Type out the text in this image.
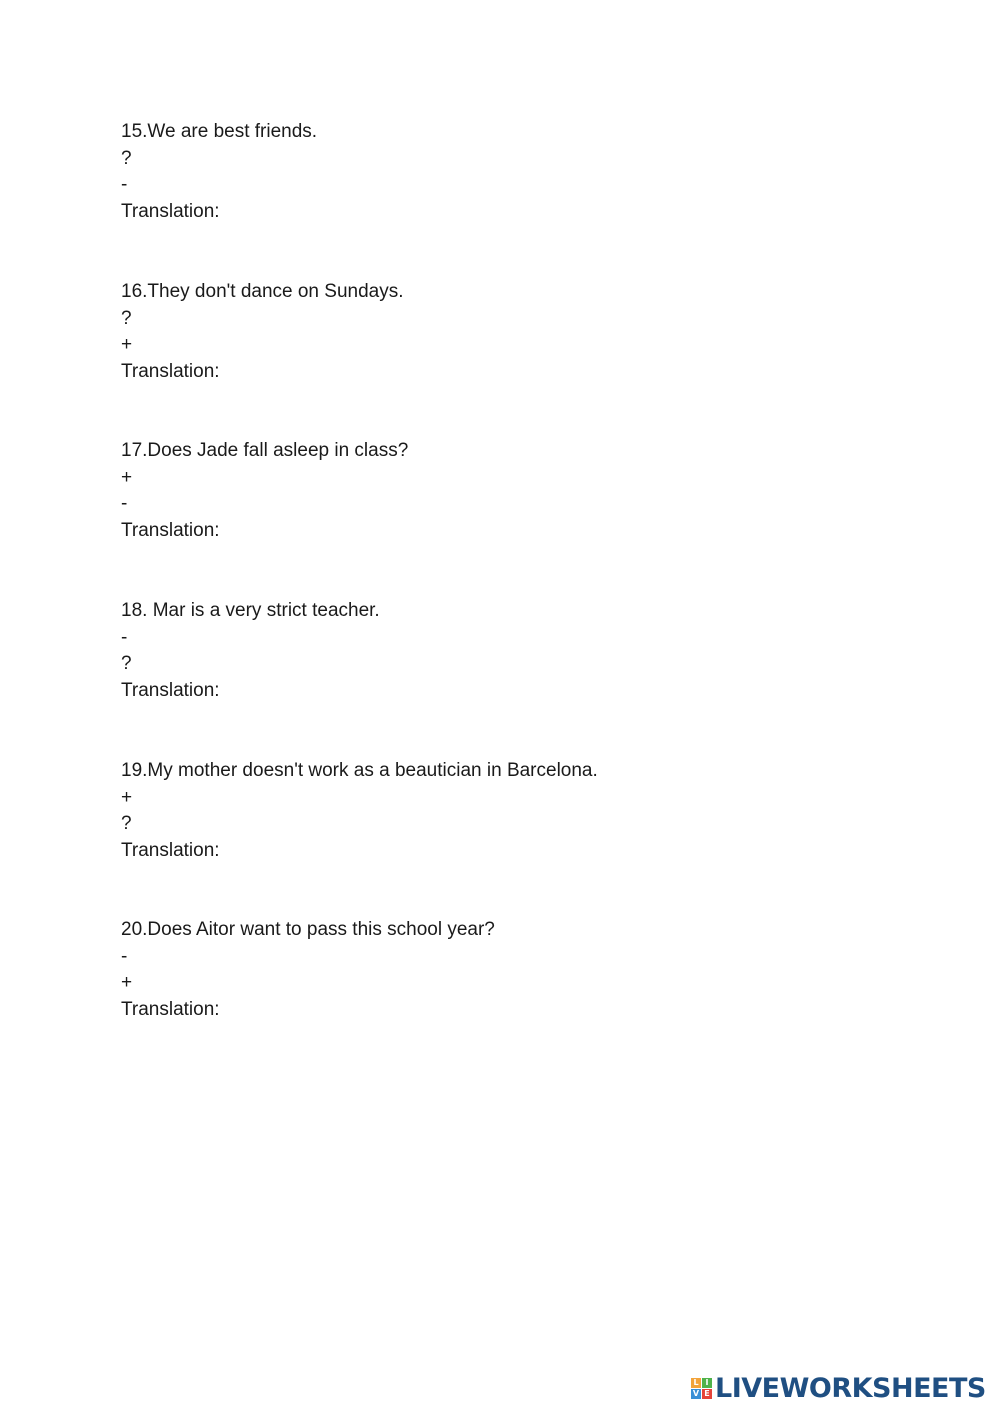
15.We are best friends.
?
-
Translation:
16.They don't dance on Sundays.
?
+
Translation:
17.Does Jade fall asleep in class?
+
-
Translation:
18. Mar is a very strict teacher.
-
?
Translation:
19.My mother doesn't work as a beautician in Barcelona.
+
?
Translation:
20.Does Aitor want to pass this school year?
-
+
Translation:
L I
V E LIVEWORKSHEETS
